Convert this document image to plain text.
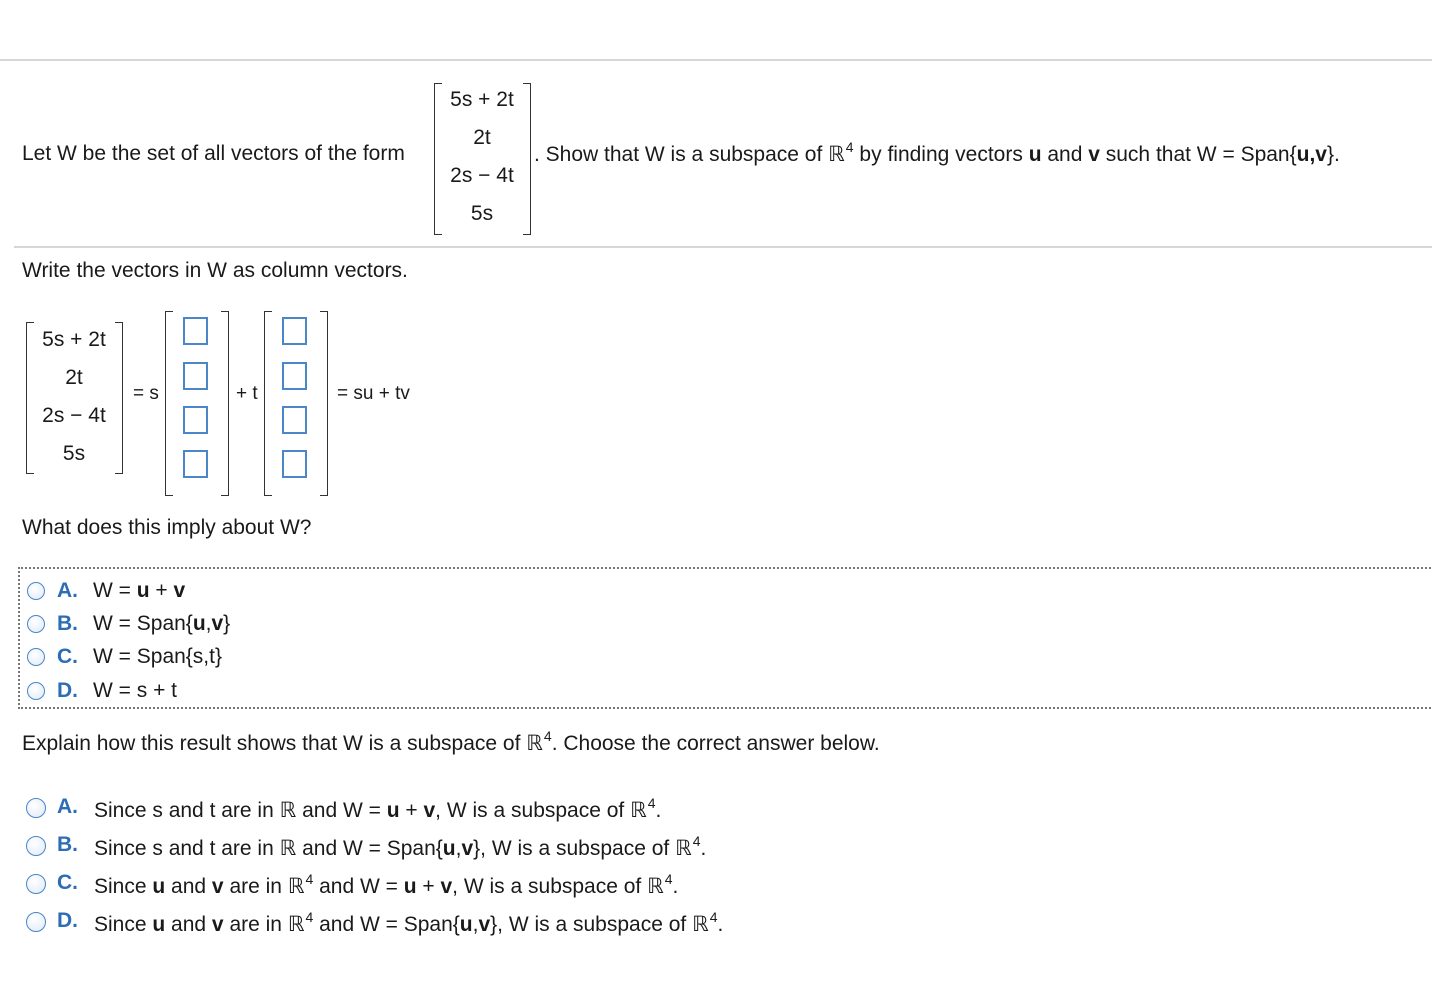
Let W be the set of all vectors of the form
5s + 2t
2t
2s − 4t
5s
. Show that W is a subspace of ℝ$^4$ by finding vectors u and v such that W = Span{u,v}.
Write the vectors in W as column vectors.
5s + 2t
2t
2s − 4t
5s
= s	+ t	= su + tv
What does this imply about W?
A. W = u + v
B. W = Span{u,v}
C. W = Span{s,t}
D. W = s + t
Explain how this result shows that W is a subspace of ℝ$^4$. Choose the correct answer below.
A. Since s and t are in ℝ and W = u + v, W is a subspace of ℝ$^4$.
B. Since s and t are in ℝ and W = Span{u,v}, W is a subspace of ℝ$^4$.
C. Since u and v are in ℝ$^4$ and W = u + v, W is a subspace of ℝ$^4$.
D. Since u and v are in ℝ$^4$ and W = Span{u,v}, W is a subspace of ℝ$^4$.
